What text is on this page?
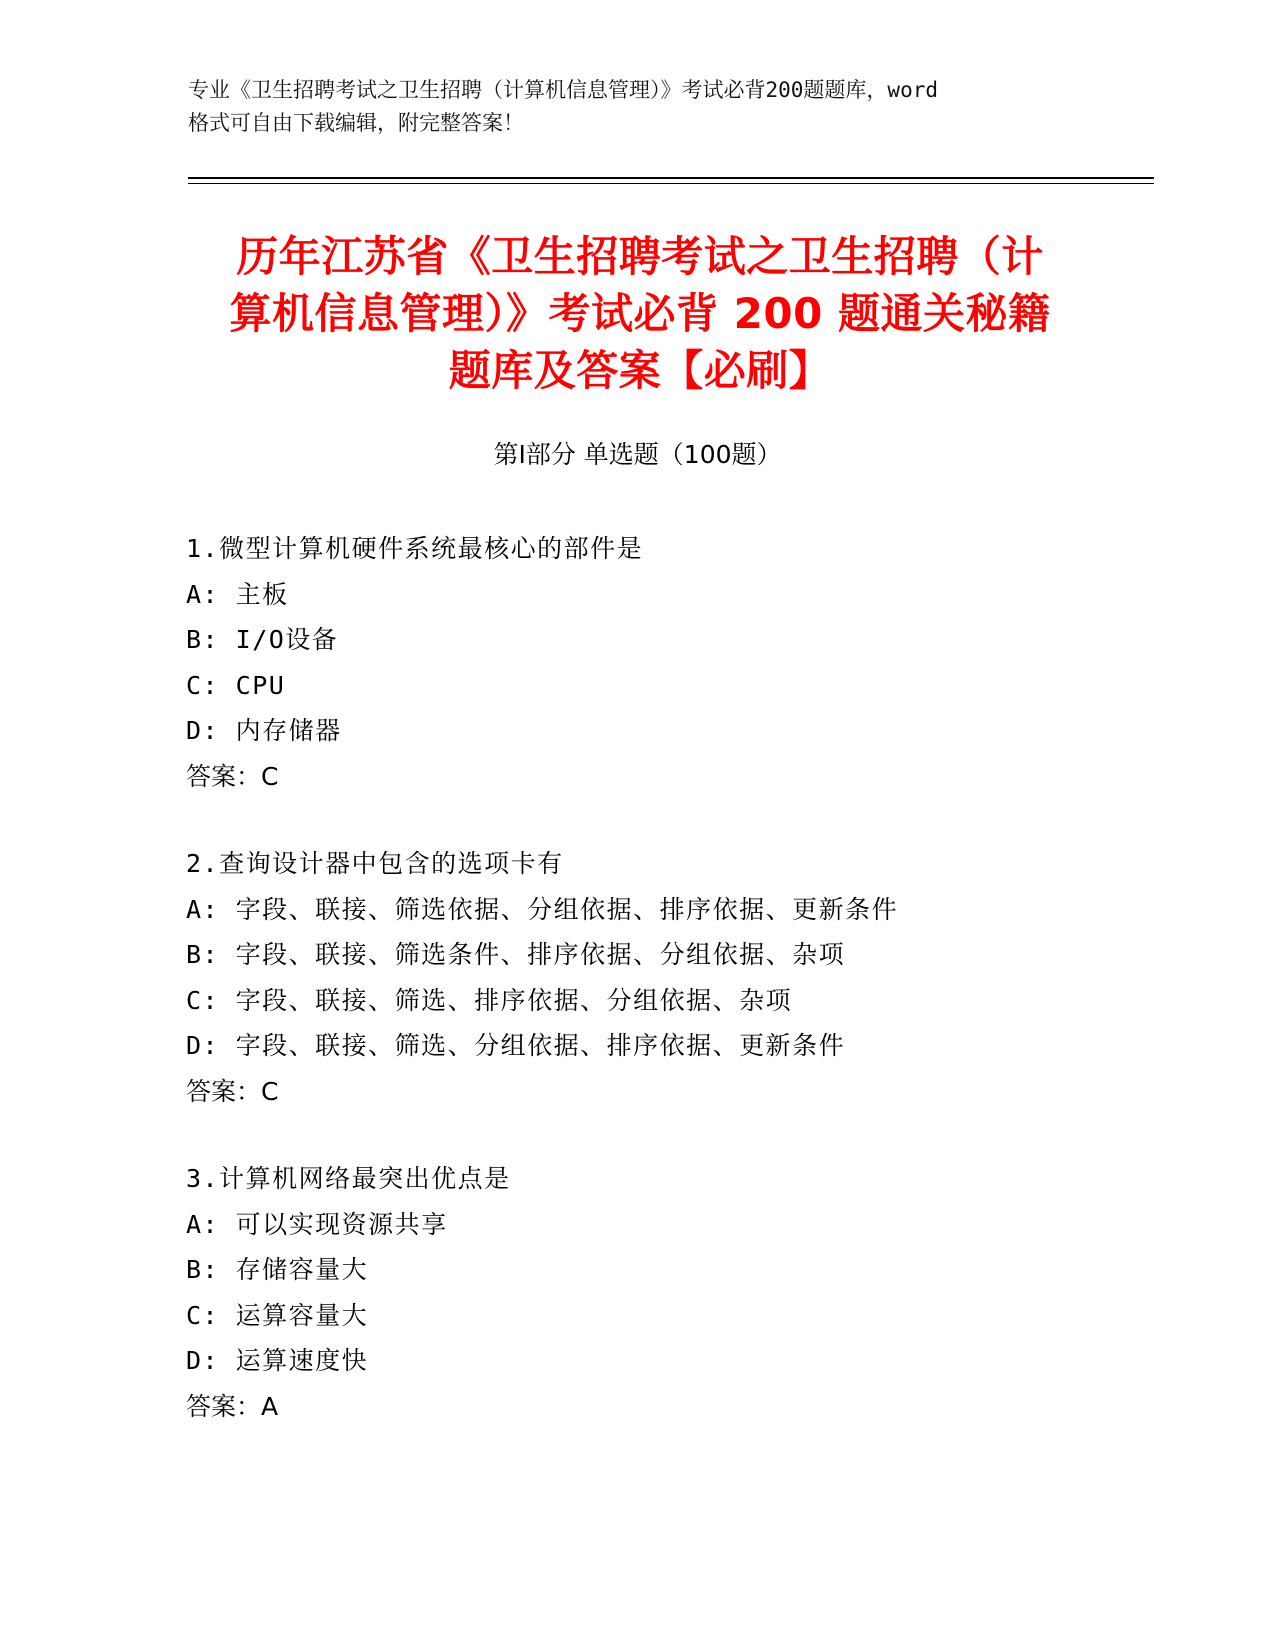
专业《卫生招聘考试之卫生招聘（计算机信息管理）》考试必背200题题库，word
格式可自由下载编辑，附完整答案！
历年江苏省《卫生招聘考试之卫生招聘（计
算机信息管理）》考试必背 200 题通关秘籍
题库及答案【必刷】
第Ⅰ部分 单选题（100题）
1.微型计算机硬件系统最核心的部件是
A: 主板
B: I/O设备
C: CPU
D: 内存储器
答案：C
2.查询设计器中包含的选项卡有
A: 字段、联接、筛选依据、分组依据、排序依据、更新条件
B: 字段、联接、筛选条件、排序依据、分组依据、杂项
C: 字段、联接、筛选、排序依据、分组依据、杂项
D: 字段、联接、筛选、分组依据、排序依据、更新条件
答案：C
3.计算机网络最突出优点是
A: 可以实现资源共享
B: 存储容量大
C: 运算容量大
D: 运算速度快
答案：A
